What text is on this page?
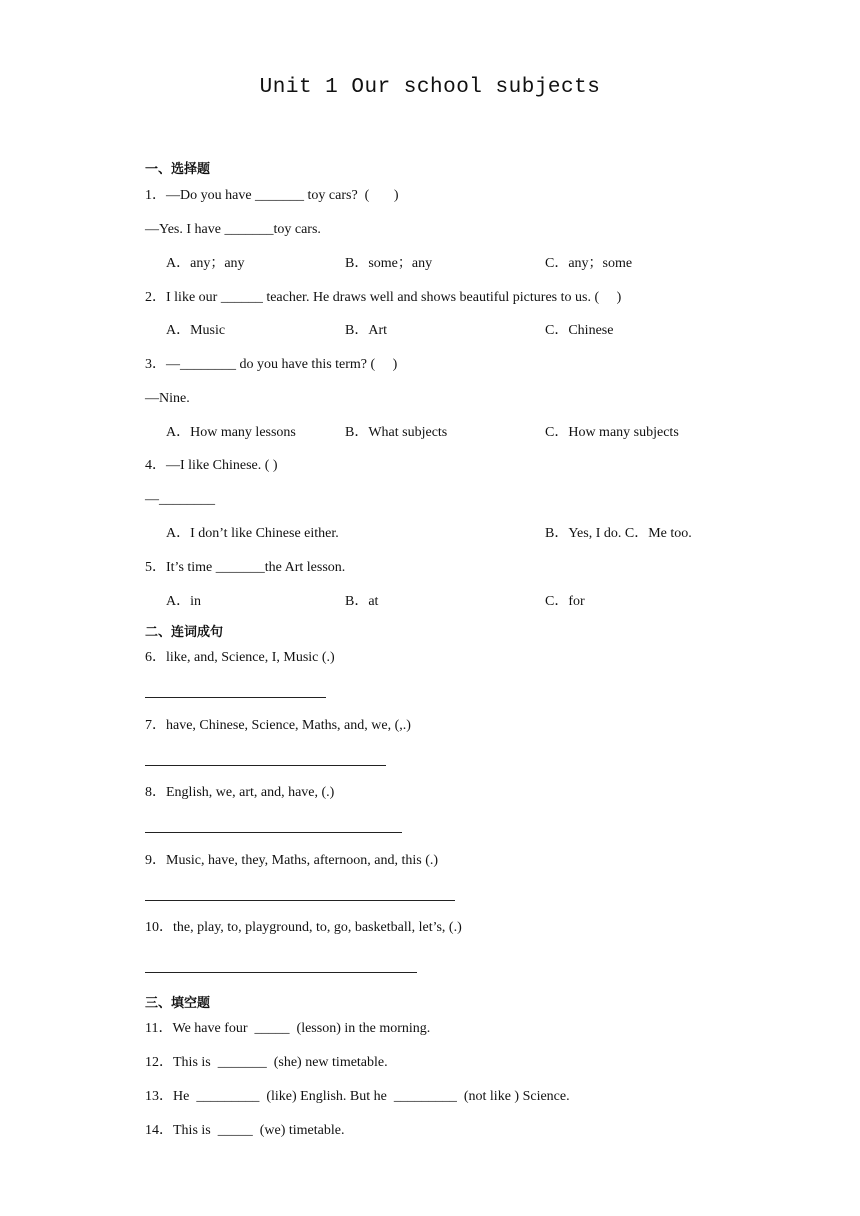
Unit 1 Our school subjects
一、选择题
1．—Do you have _______ toy cars?  (       )
—Yes. I have _______toy cars.
A．any；any	B．some；any	C．any；some
2．I like our ______ teacher. He draws well and shows beautiful pictures to us. (     )
A．Music	B．Art	C．Chinese
3．—________ do you have this term? (     )
—Nine.
A．How many lessons	B．What subjects	C．How many subjects
4．—I like Chinese. ( )
—________
A．I don’t like Chinese either.	B．Yes, I do. C．Me too.
5．It’s time _______the Art lesson.
A．in	B．at	C．for
二、连词成句
6．like, and, Science, I, Music (.)
7．have, Chinese, Science, Maths, and, we, (,.)
8．English, we, art, and, have, (.)
9．Music, have, they, Maths, afternoon, and, this (.)
10．the, play, to, playground, to, go, basketball, let’s, (.)
三、填空题
11．We have four  _____  (lesson) in the morning.
12．This is  _______  (she) new timetable.
13．He  _________  (like) English. But he  _________  (not like ) Science.
14．This is  _____  (we) timetable.
